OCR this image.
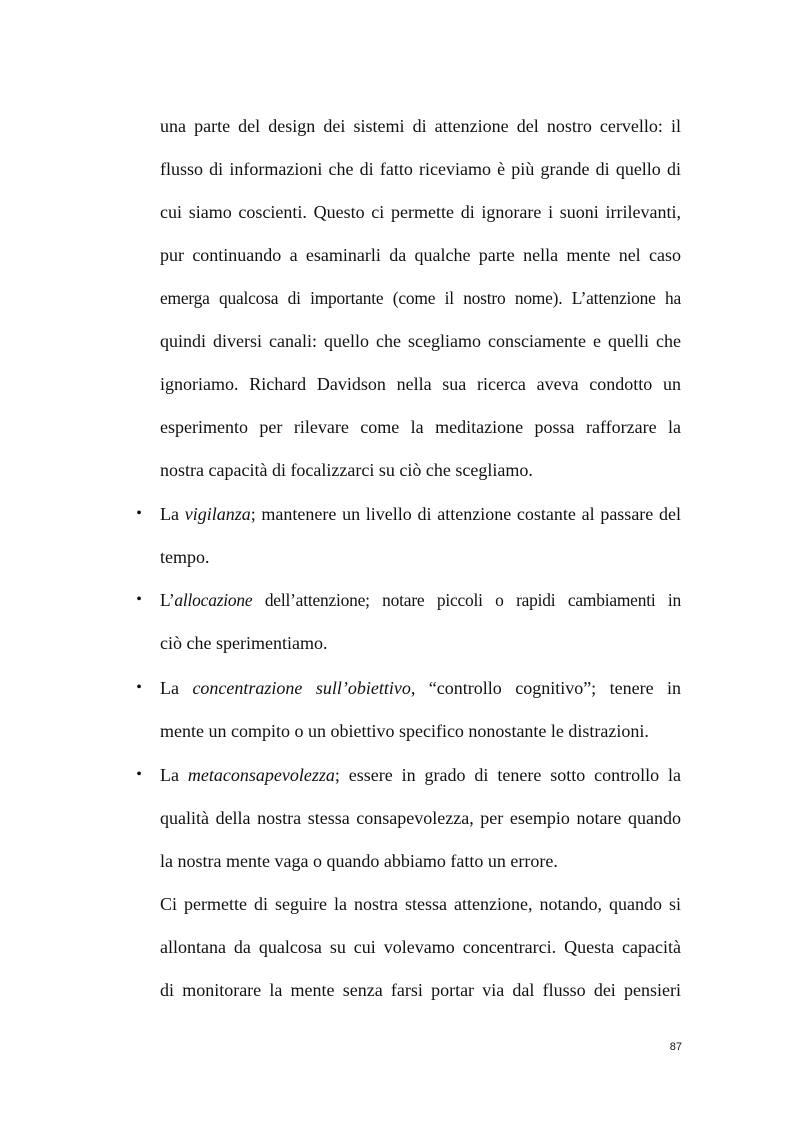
una parte del design dei sistemi di attenzione del nostro cervello: il
flusso di informazioni che di fatto riceviamo è più grande di quello di
cui siamo coscienti. Questo ci permette di ignorare i suoni irrilevanti,
pur continuando a esaminarli da qualche parte nella mente nel caso
emerga qualcosa di importante (come il nostro nome). L’attenzione ha
quindi diversi canali: quello che scegliamo consciamente e quelli che
ignoriamo. Richard Davidson nella sua ricerca aveva condotto un
esperimento per rilevare come la meditazione possa rafforzare la
nostra capacità di focalizzarci su ciò che scegliamo.
La vigilanza; mantenere un livello di attenzione costante al passare del
tempo.
L’allocazione dell’attenzione; notare piccoli o rapidi cambiamenti in
ciò che sperimentiamo.
La concentrazione sull’obiettivo, “controllo cognitivo”; tenere in
mente un compito o un obiettivo specifico nonostante le distrazioni.
La metaconsapevolezza; essere in grado di tenere sotto controllo la
qualità della nostra stessa consapevolezza, per esempio notare quando
la nostra mente vaga o quando abbiamo fatto un errore.
Ci permette di seguire la nostra stessa attenzione, notando, quando si
allontana da qualcosa su cui volevamo concentrarci. Questa capacità
di monitorare la mente senza farsi portar via dal flusso dei pensieri
•
•
•
•
87
